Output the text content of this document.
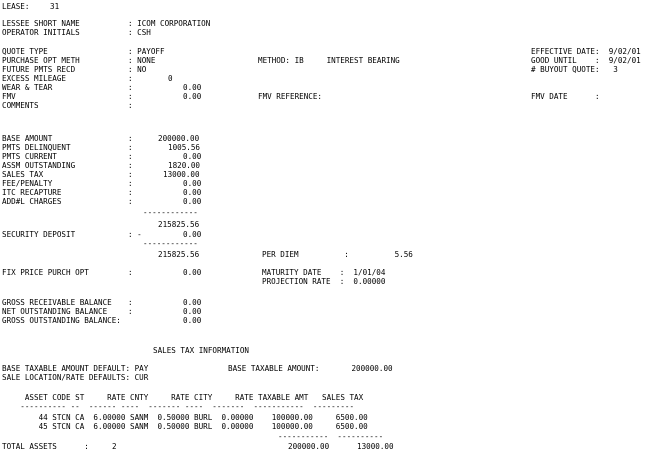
LEASE:	31
LESSEE SHORT NAME	: ICOM CORPORATION
OPERATOR INITIALS	: CSH
QUOTE TYPE	: PAYOFF	EFFECTIVE DATE:  9/02/01
PURCHASE OPT METH	: NONE	METHOD: IB     INTEREST BEARING	GOOD UNTIL    :  9/02/01
FUTURE PMTS RECD	: NO	# BUYOUT QUOTE:   3
EXCESS MILEAGE	:	0
WEAR & TEAR	:	0.00
FMV	:	0.00	FMV REFERENCE:	FMV DATE      :
COMMENTS	:
BASE AMOUNT	:	200000.00
PMTS DELINQUENT	:	1005.56
PMTS CURRENT	:	0.00
ASSM OUTSTANDING	:	1820.00
SALES TAX	:	13000.00
FEE/PENALTY	:	0.00
ITC RECAPTURE	:	0.00
ADD#L CHARGES	:	0.00
------------
215825.56
SECURITY DEPOSIT	: -	0.00
------------
215825.56	PER DIEM          :          5.56
FIX PRICE PURCH OPT	:	0.00	MATURITY DATE    :  1/01/04
PROJECTION RATE  :  0.00000
GROSS RECEIVABLE BALANCE :	0.00
NET OUTSTANDING BALANCE	:	0.00
GROSS OUTSTANDING BALANCE:	0.00
SALES TAX INFORMATION
BASE TAXABLE AMOUNT DEFAULT: PAY	BASE TAXABLE AMOUNT:       200000.00
SALE LOCATION/RATE DEFAULTS: CUR
ASSET CODE ST     RATE CNTY     RATE CITY     RATE TAXABLE AMT   SALES TAX
---------- --  ------ ----  ------- ----  -------  -----------  ---------
44 STCN CA  6.00000 SANM  0.50000 BURL  0.00000    100000.00     6500.00
45 STCN CA  6.00000 SANM  0.50000 BURL  0.00000    100000.00     6500.00
-----------  ----------
TOTAL ASSETS      :	2	200000.00	13000.00
